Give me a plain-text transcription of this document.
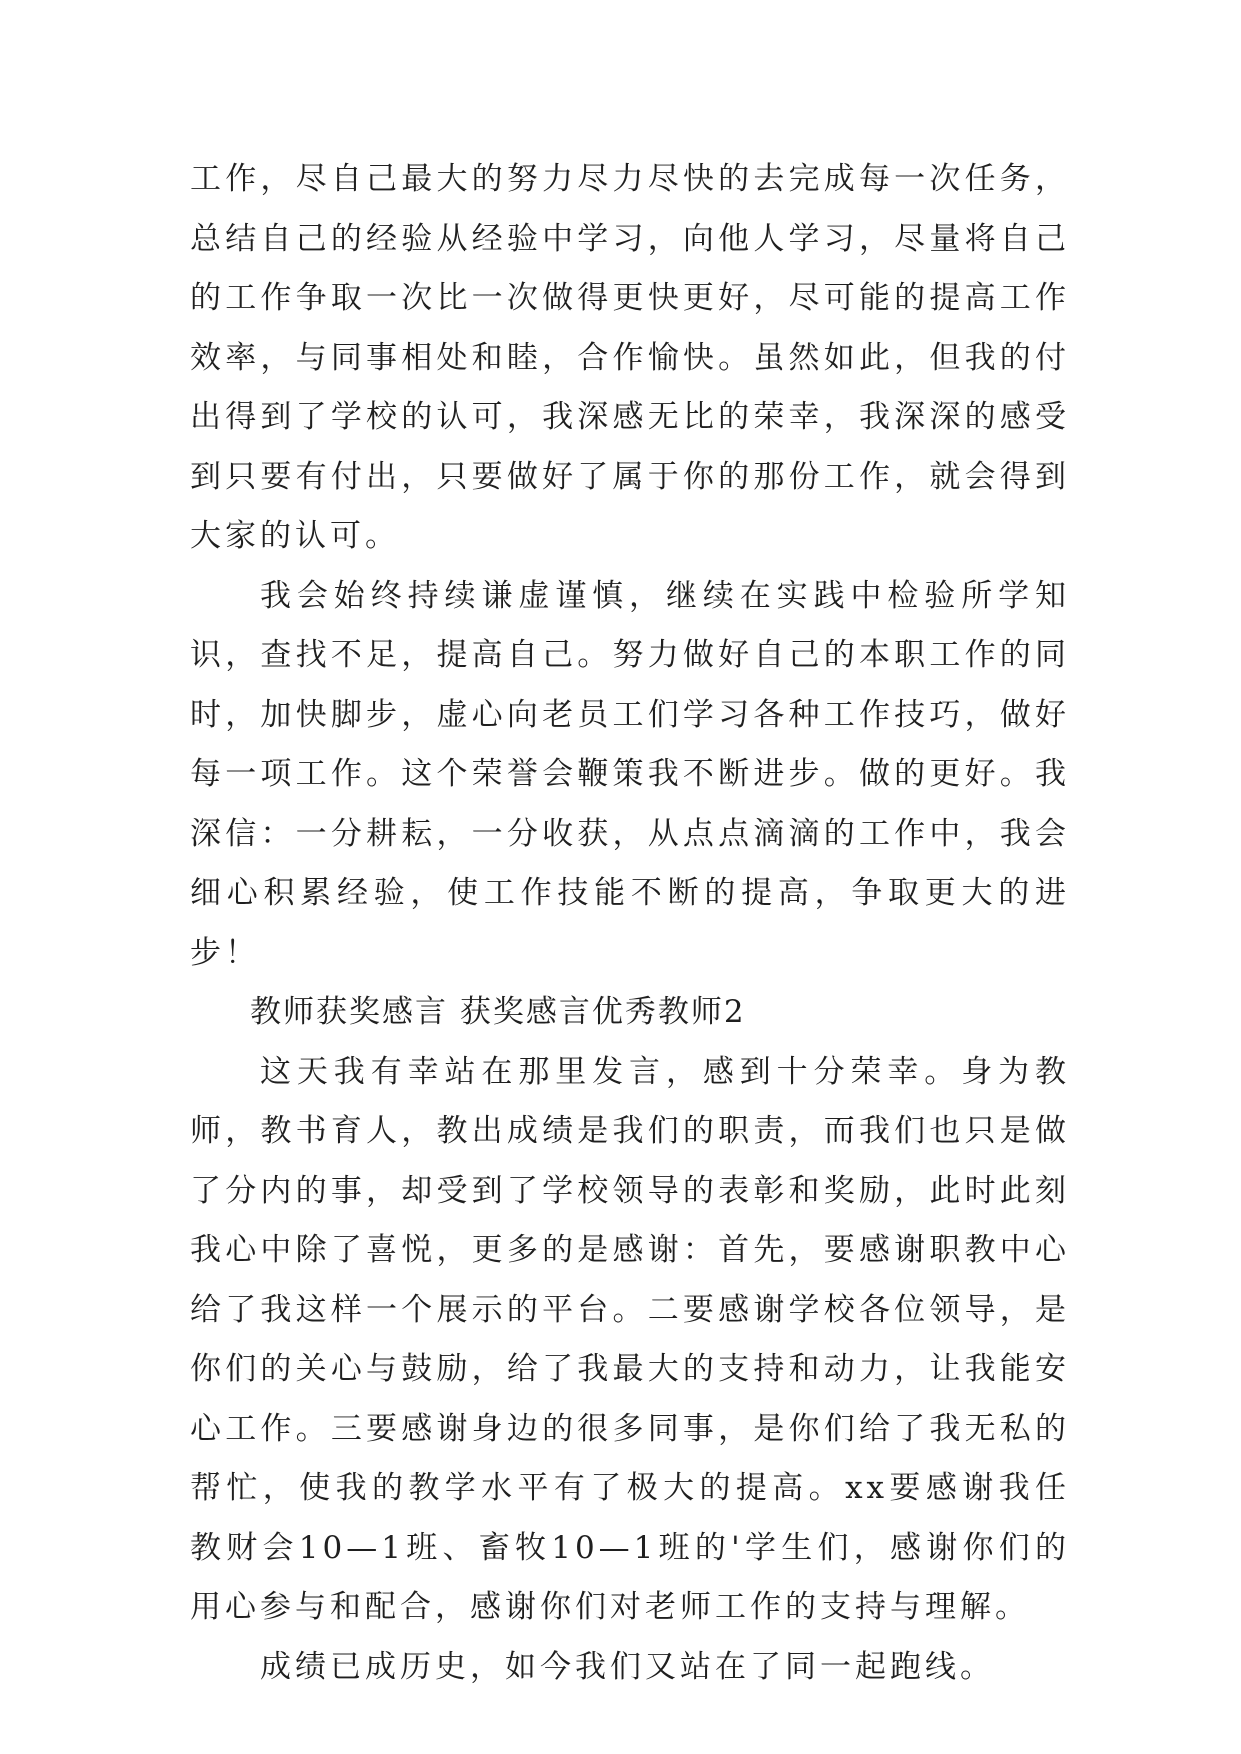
工作，尽自己最大的努力尽力尽快的去完成每一次任务，总结自己的经验从经验中学习，向他人学习，尽量将自己的工作争取一次比一次做得更快更好，尽可能的提高工作效率，与同事相处和睦，合作愉快。虽然如此，但我的付出得到了学校的认可，我深感无比的荣幸，我深深的感受到只要有付出，只要做好了属于你的那份工作，就会得到大家的认可。

我会始终持续谦虚谨慎，继续在实践中检验所学知识，查找不足，提高自己。努力做好自己的本职工作的同时，加快脚步，虚心向老员工们学习各种工作技巧，做好每一项工作。这个荣誉会鞭策我不断进步。做的更好。我深信：一分耕耘，一分收获，从点点滴滴的工作中，我会细心积累经验，使工作技能不断的提高，争取更大的进步！

教师获奖感言 获奖感言优秀教师2

这天我有幸站在那里发言，感到十分荣幸。身为教师，教书育人，教出成绩是我们的职责，而我们也只是做了分内的事，却受到了学校领导的表彰和奖励，此时此刻我心中除了喜悦，更多的是感谢：首先，要感谢职教中心给了我这样一个展示的平台。二要感谢学校各位领导，是你们的关心与鼓励，给了我最大的支持和动力，让我能安心工作。三要感谢身边的很多同事，是你们给了我无私的帮忙，使我的教学水平有了极大的提高。xx要感谢我任教财会10—1班、畜牧10—1班的'学生们，感谢你们的用心参与和配合，感谢你们对老师工作的支持与理解。

成绩已成历史，如今我们又站在了同一起跑线。
